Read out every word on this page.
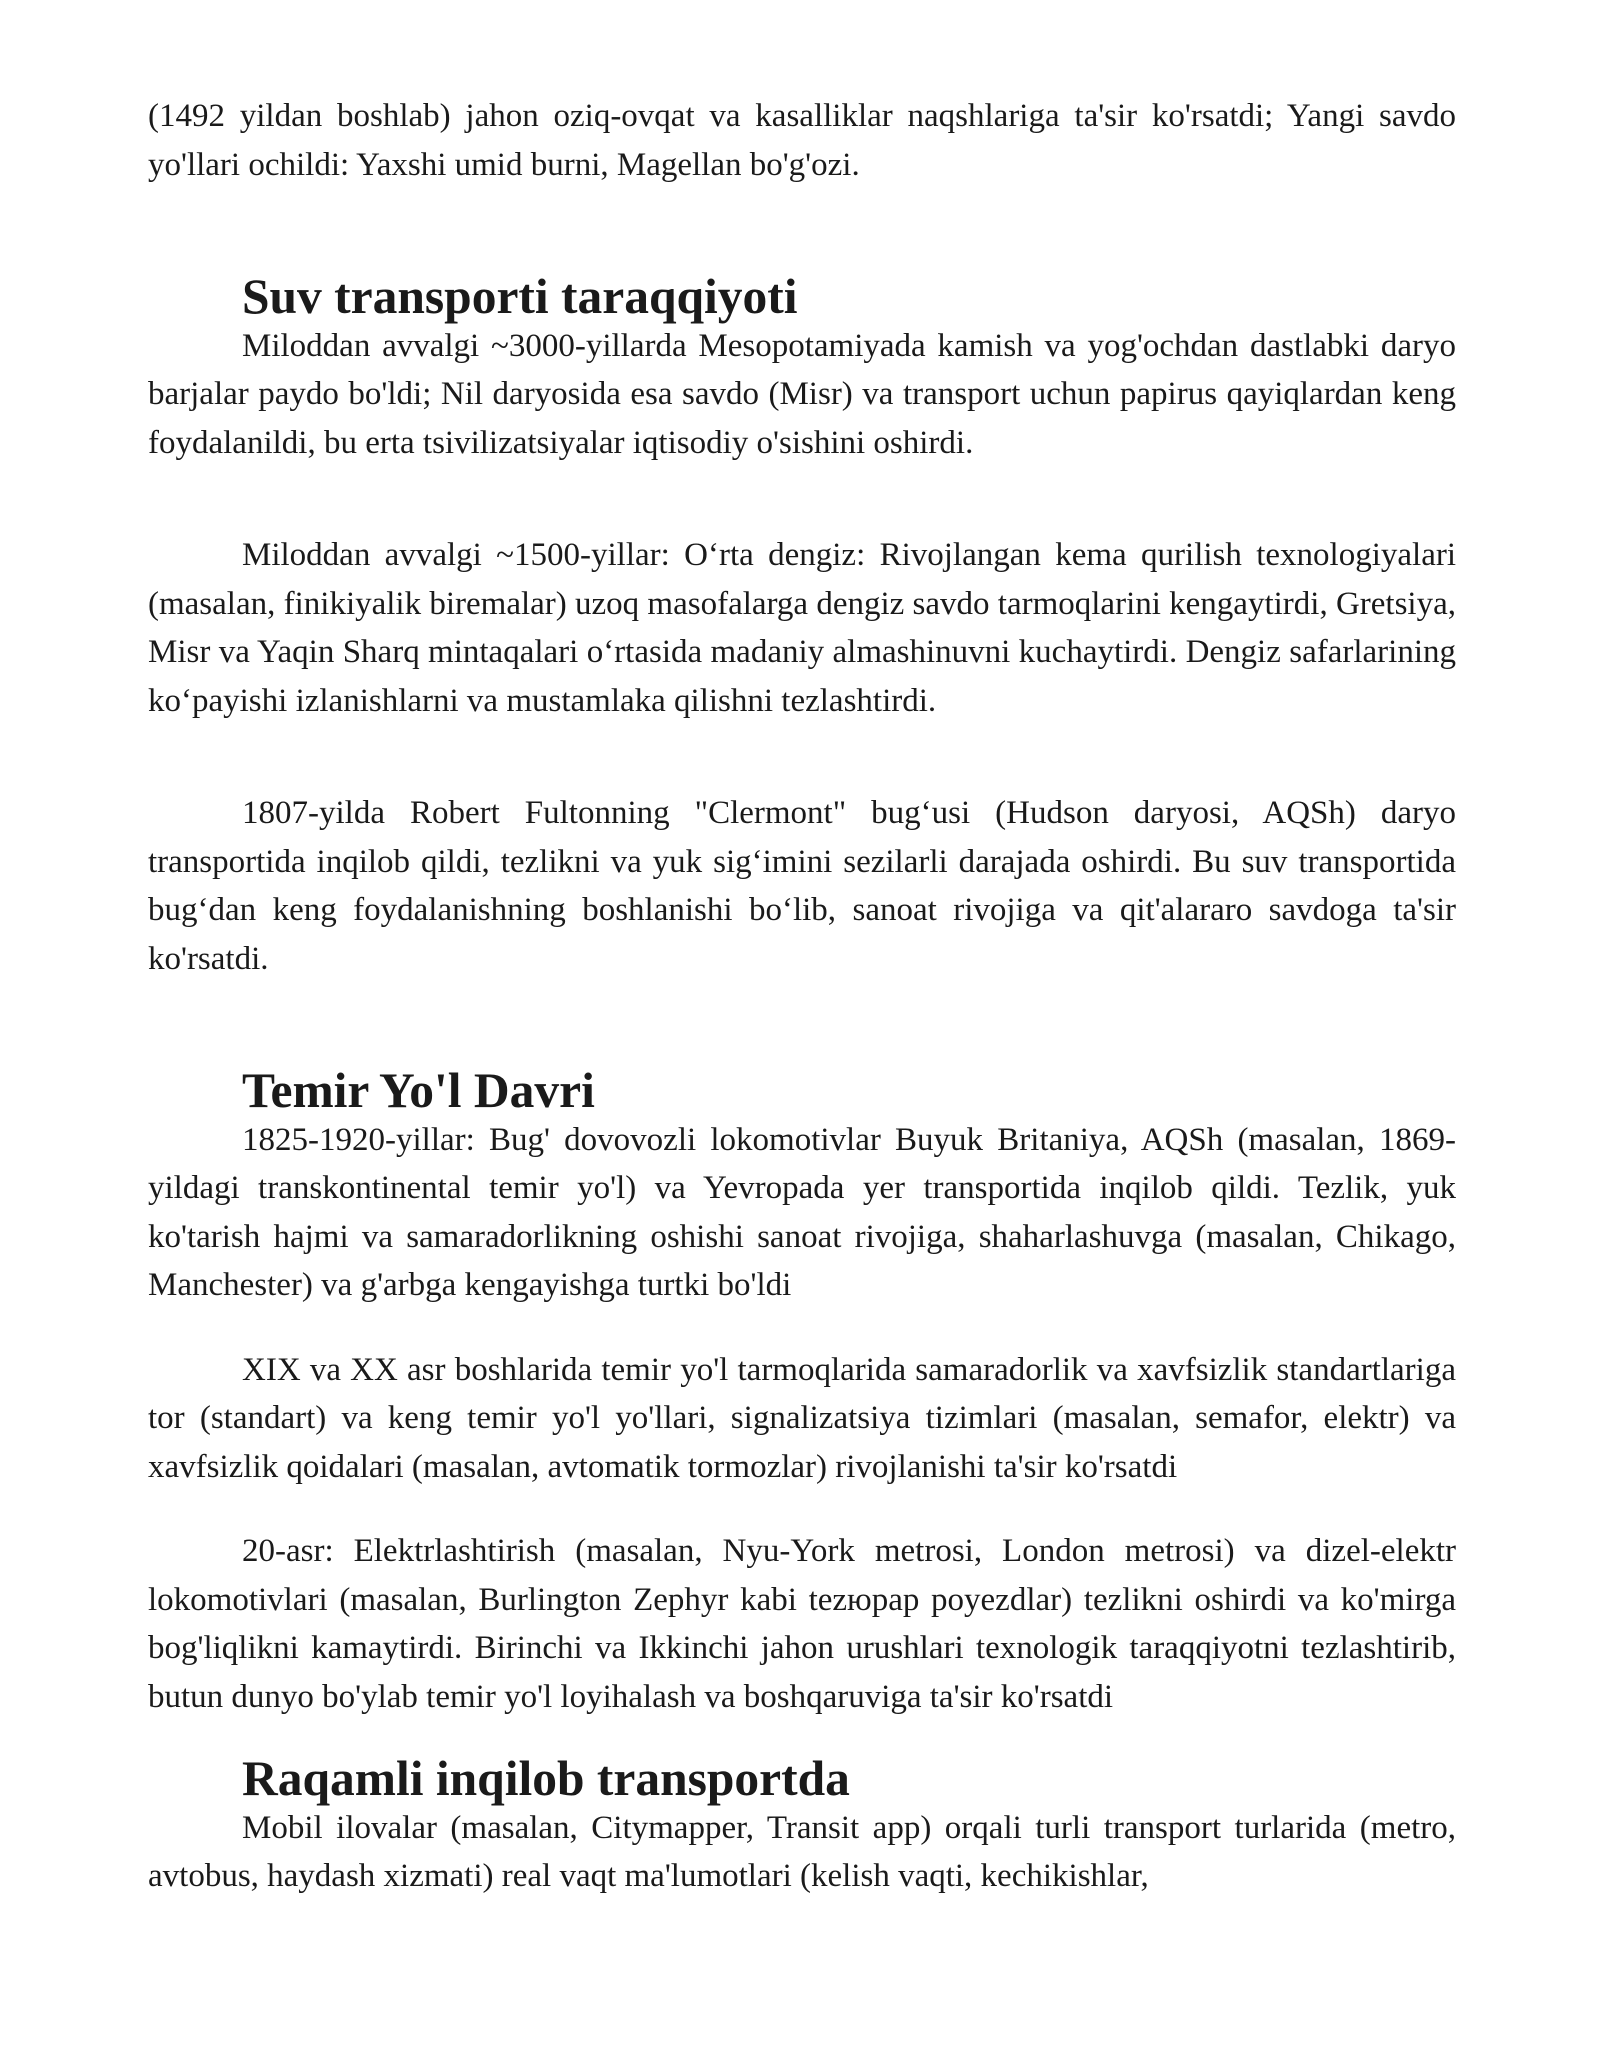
(1492 yildan boshlab) jahon oziq-ovqat va kasalliklar naqshlariga ta'sir ko'rsatdi; Yangi savdo yo'llari ochildi: Yaxshi umid burni, Magellan bo'g'ozi.

Suv transporti taraqqiyoti

Miloddan avvalgi ~3000-yillarda Mesopotamiyada kamish va yog'ochdan dastlabki daryo barjalar paydo bo'ldi; Nil daryosida esa savdo (Misr) va transport uchun papirus qayiqlardan keng foydalanildi, bu erta tsivilizatsiyalar iqtisodiy o'sishini oshirdi.

Miloddan avvalgi ~1500-yillar: O‘rta dengiz: Rivojlangan kema qurilish texnologiyalari (masalan, finikiyalik biremalar) uzoq masofalarga dengiz savdo tarmoqlarini kengaytirdi, Gretsiya, Misr va Yaqin Sharq mintaqalari o‘rtasida madaniy almashinuvni kuchaytirdi. Dengiz safarlarining ko‘payishi izlanishlarni va mustamlaka qilishni tezlashtirdi.

1807-yilda Robert Fultonning "Clermont" bug‘usi (Hudson daryosi, AQSh) daryo transportida inqilob qildi, tezlikni va yuk sig‘imini sezilarli darajada oshirdi. Bu suv transportida bug‘dan keng foydalanishning boshlanishi bo‘lib, sanoat rivojiga va qit'alararo savdoga ta'sir ko'rsatdi.

Temir Yo'l Davri

1825-1920-yillar: Bug' dovovozli lokomotivlar Buyuk Britaniya, AQSh (masalan, 1869-yildagi transkontinental temir yo'l) va Yevropada yer transportida inqilob qildi. Tezlik, yuk ko'tarish hajmi va samaradorlikning oshishi sanoat rivojiga, shaharlashuvga (masalan, Chikago, Manchester) va g'arbga kengayishga turtki bo'ldi

XIX va XX asr boshlarida temir yo'l tarmoqlarida samaradorlik va xavfsizlik standartlariga tor (standart) va keng temir yo'l yo'llari, signalizatsiya tizimlari (masalan, semafor, elektr) va xavfsizlik qoidalari (masalan, avtomatik tormozlar) rivojlanishi ta'sir ko'rsatdi

20-asr: Elektrlashtirish (masalan, Nyu-York metrosi, London metrosi) va dizel-elektr lokomotivlari (masalan, Burlington Zephyr kabi tezюрар poyezdlar) tezlikni oshirdi va ko'mirga bog'liqlikni kamaytirdi. Birinchi va Ikkinchi jahon urushlari texnologik taraqqiyotni tezlashtirib, butun dunyo bo'ylab temir yo'l loyihalash va boshqaruviga ta'sir ko'rsatdi

Raqamli inqilob transportda

Mobil ilovalar (masalan, Citymapper, Transit app) orqali turli transport turlarida (metro, avtobus, haydash xizmati) real vaqt ma'lumotlari (kelish vaqti, kechikishlar,
